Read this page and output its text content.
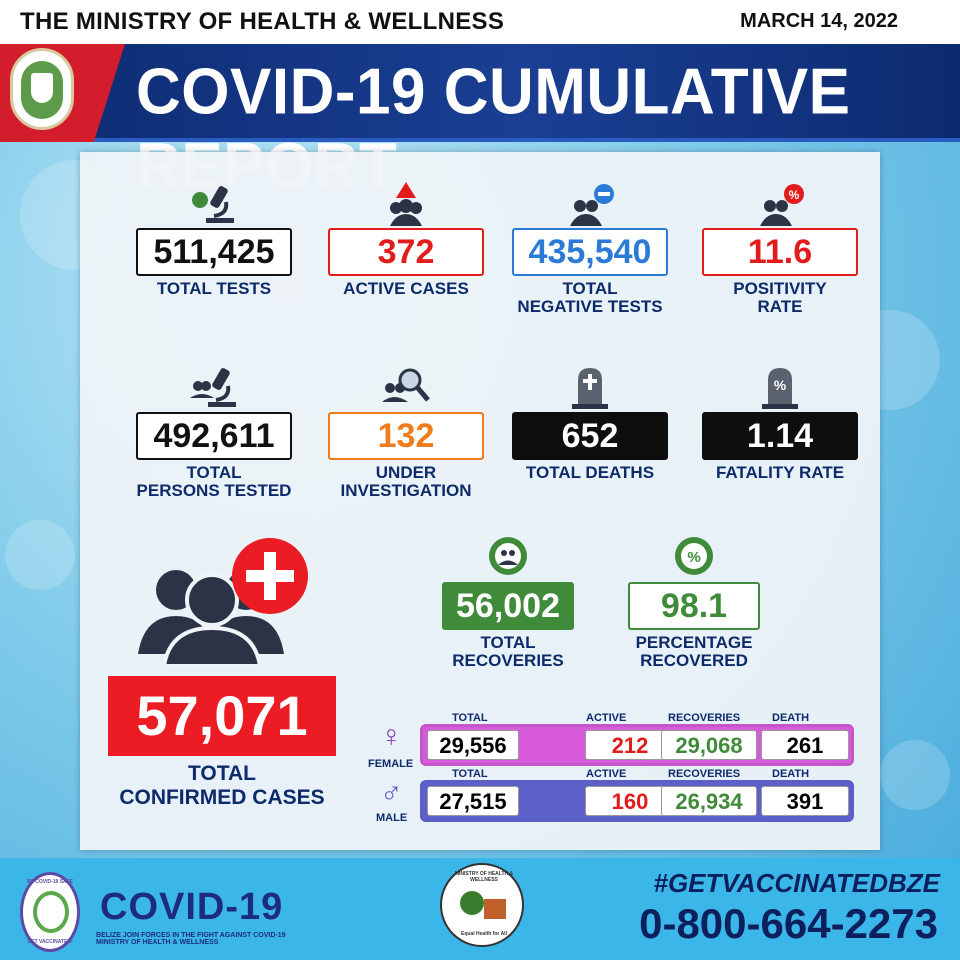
THE MINISTRY OF HEALTH & WELLNESS	MARCH 14, 2022
COVID-19 CUMULATIVE
511,425
TOTAL TESTS
372
ACTIVE CASES
435,540
TOTAL
NEGATIVE TESTS
%
11.6
POSITIVITY
RATE
492,611
TOTAL
PERSONS TESTED
132
UNDER
INVESTIGATION
652
TOTAL DEATHS
%
1.14
FATALITY RATE
56,002
TOTAL
RECOVERIES
%
98.1
PERCENTAGE
RECOVERED
57,071
TOTAL
CONFIRMED CASES
TOTAL	ACTIVE	RECOVERIES	DEATH
♀
FEMALE
29,556	212	29,068	261
TOTAL	ACTIVE	RECOVERIES	DEATH
♂
MALE
27,515	160	26,934	391
BE COVID-19 SAFE
GET VACCINATED!
COVID-19
BELIZE JOIN FORCES IN THE FIGHT AGAINST COVID-19
MINISTRY OF HEALTH & WELLNESS
MINISTRY OF HEALTH & WELLNESS
Equal Health for All
#GETVACCINATEDBZE
0-800-664-2273
